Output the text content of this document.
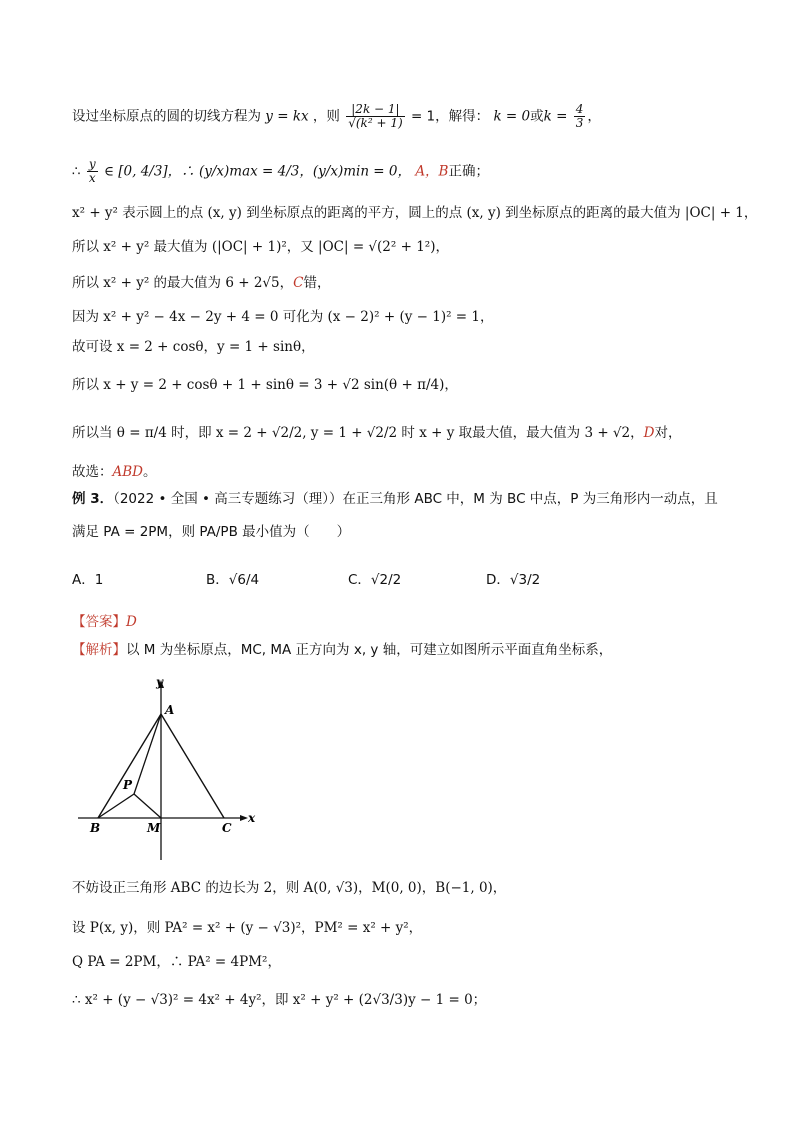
设过坐标原点的圆的切线方程为 y = kx ，则 $\frac{|2k - 1|}{\text{√(k² + 1)}} = 1$，解得： k = 0或$k = \frac{4}{3}$ ，
∴ $\frac{y}{x}$ ∈ [0, 4/3]，∴ (y/x)max = 4/3，(y/x)min = 0， A，B正确；
x² + y² 表示圆上的点 (x, y) 到坐标原点的距离的平方，圆上的点 (x, y) 到坐标原点的距离的最大值为 |OC| + 1，
所以 x² + y² 最大值为 (|OC| + 1)²，又 |OC| = √(2² + 1²)，
所以 x² + y² 的最大值为 6 + 2√5，C错，
因为 x² + y² − 4x − 2y + 4 = 0 可化为 (x − 2)² + (y − 1)² = 1，
故可设 x = 2 + cosθ，y = 1 + sinθ，
所以 x + y = 2 + cosθ + 1 + sinθ = 3 + √2 sin(θ + π/4)，
所以当 θ = π/4 时，即 x = 2 + √2/2, y = 1 + √2/2 时 x + y 取最大值，最大值为 3 + √2，D对，
故选：ABD。
例 3．（2022 • 全国 • 高三专题练习（理））在正三角形 ABC 中，M 为 BC 中点，P 为三角形内一动点，且
满足 PA = 2PM，则 PA/PB 最小值为（　　）
A．1	B．√6/4	C．√2/2	D．√3/2
【答案】D
【解析】以 M 为坐标原点，MC, MA 正方向为 x, y 轴，可建立如图所示平面直角坐标系，
y
x
A
P
B	M	C
不妨设正三角形 ABC 的边长为 2，则 A(0, √3)，M(0, 0)，B(−1, 0)，
设 P(x, y)，则 PA² = x² + (y − √3)²，PM² = x² + y²，
Q PA = 2PM，∴ PA² = 4PM²，
∴ x² + (y − √3)² = 4x² + 4y²，即 x² + y² + (2√3/3)y − 1 = 0；
